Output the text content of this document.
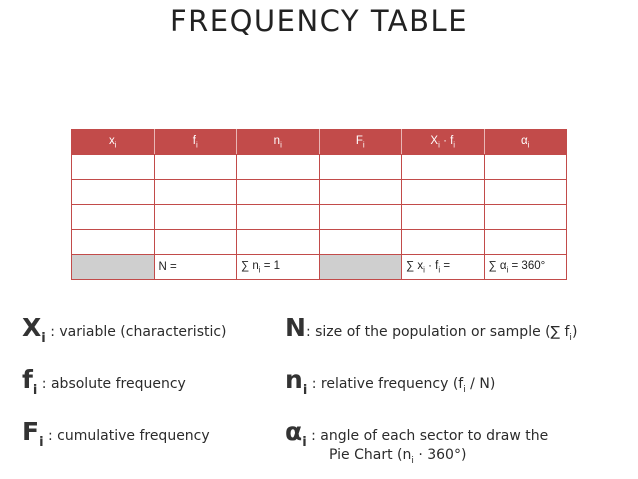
FREQUENCY TABLE
$x_i$	$f_i$	$n_i$	$F_i$	$X_i \cdot f_i$	$\alpha_i$

	N =	∑ $n_i = 1$		∑ $x_i \cdot f_i$ =	∑ $\alpha_i = 360^\circ$
$X_i$ : variable (characteristic)
$f_i$ : absolute frequency
$F_i$ : cumulative frequency
N: size of the population or sample (∑ $f_i$)
$n_i$ : relative frequency $(f_i / N)$
$\alpha_i$ : angle of each sector to draw the
Pie Chart $(n_i \cdot 360^\circ)$
